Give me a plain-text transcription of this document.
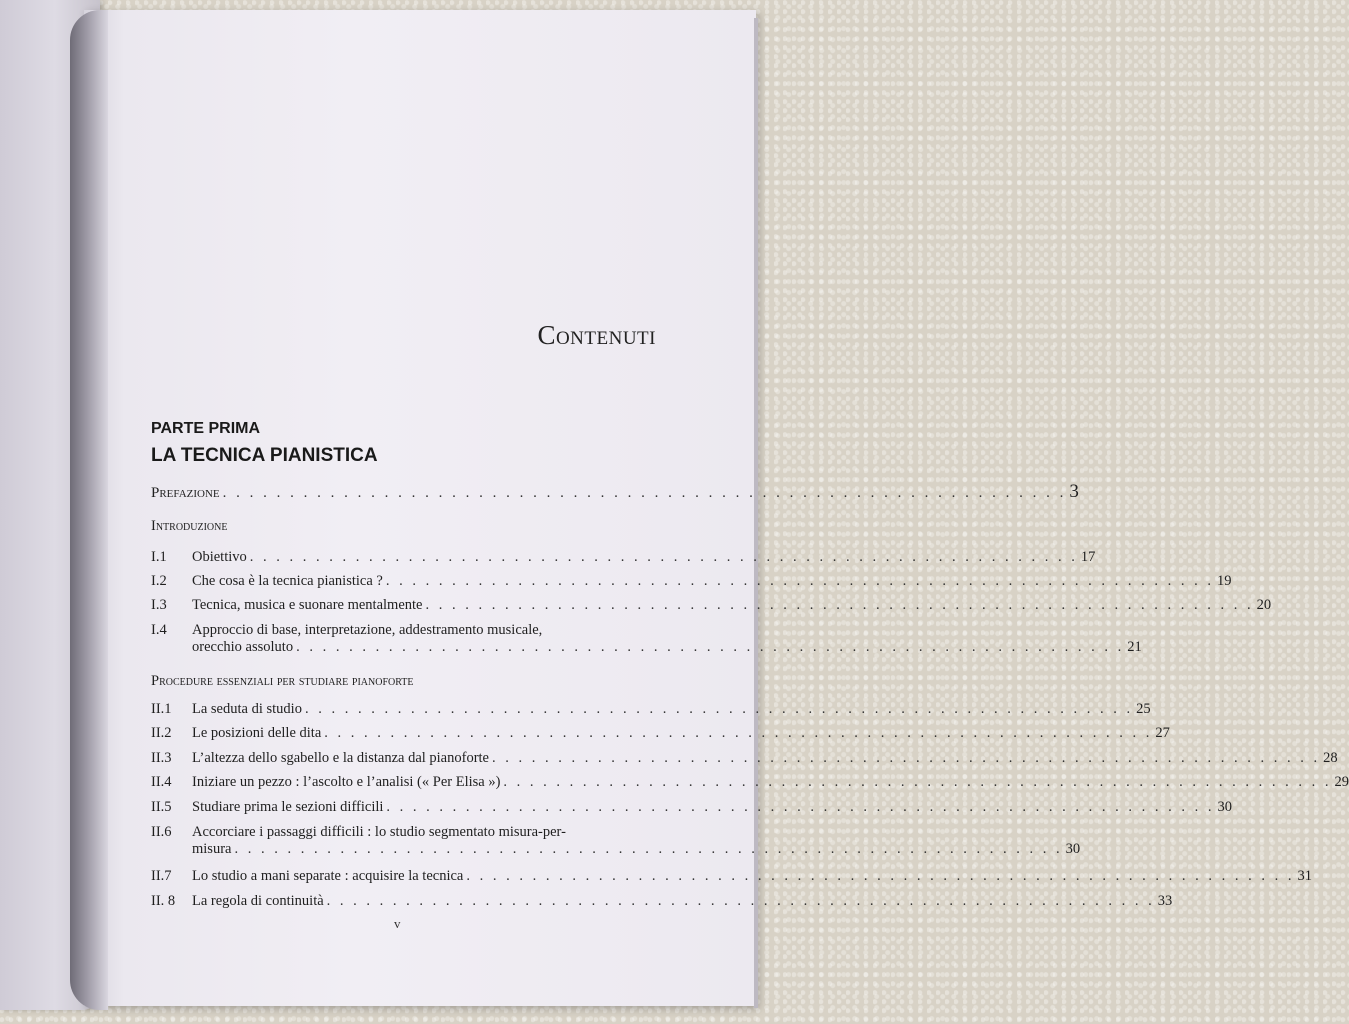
Contenuti
PARTE PRIMA
LA TECNICA PIANISTICA
Prefazione . . . . . . . . . . . . . . . . . . . . . . . . . . . . . . . . . . . . . . . . . . . . . . . . . . . . . . . . . . . . . . . 3
Introduzione
I.1 Obiettivo . . . . . . . . . . . . . . . . . . . . . . . . . . . . . . . . . . . . . . . . . . . . . . . . . . . . . . . . . . . . . . . 17
I.2 Che cosa è la tecnica pianistica ? . . . . . . . . . . . . . . . . . . . . . . . . . . . . . . . . . . . . . . . . . . . . . . . . . . . . . . . . . . . . . . . 19
I.3 Tecnica, musica e suonare mentalmente . . . . . . . . . . . . . . . . . . . . . . . . . . . . . . . . . . . . . . . . . . . . . . . . . . . . . . . . . . . . . . . 20
I.4 Approccio di base, interpretazione, addestramento musicale,
orecchio assoluto . . . . . . . . . . . . . . . . . . . . . . . . . . . . . . . . . . . . . . . . . . . . . . . . . . . . . . . . . . . . . . . 21
Procedure essenziali per studiare pianoforte
II.1 La seduta di studio . . . . . . . . . . . . . . . . . . . . . . . . . . . . . . . . . . . . . . . . . . . . . . . . . . . . . . . . . . . . . . . 25
II.2 Le posizioni delle dita . . . . . . . . . . . . . . . . . . . . . . . . . . . . . . . . . . . . . . . . . . . . . . . . . . . . . . . . . . . . . . . 27
II.3 L’altezza dello sgabello e la distanza dal pianoforte . . . . . . . . . . . . . . . . . . . . . . . . . . . . . . . . . . . . . . . . . . . . . . . . . . . . . . . . . . . . . . . 28
II.4 Iniziare un pezzo : l’ascolto e l’analisi (« Per Elisa ») . . . . . . . . . . . . . . . . . . . . . . . . . . . . . . . . . . . . . . . . . . . . . . . . . . . . . . . . . . . . . . . 29
II.5 Studiare prima le sezioni difficili . . . . . . . . . . . . . . . . . . . . . . . . . . . . . . . . . . . . . . . . . . . . . . . . . . . . . . . . . . . . . . . 30
II.6 Accorciare i passaggi difficili : lo studio segmentato misura-per-
misura . . . . . . . . . . . . . . . . . . . . . . . . . . . . . . . . . . . . . . . . . . . . . . . . . . . . . . . . . . . . . . . 30
II.7 Lo studio a mani separate : acquisire la tecnica . . . . . . . . . . . . . . . . . . . . . . . . . . . . . . . . . . . . . . . . . . . . . . . . . . . . . . . . . . . . . . . 31
II. 8 La regola di continuità . . . . . . . . . . . . . . . . . . . . . . . . . . . . . . . . . . . . . . . . . . . . . . . . . . . . . . . . . . . . . . . 33
v
